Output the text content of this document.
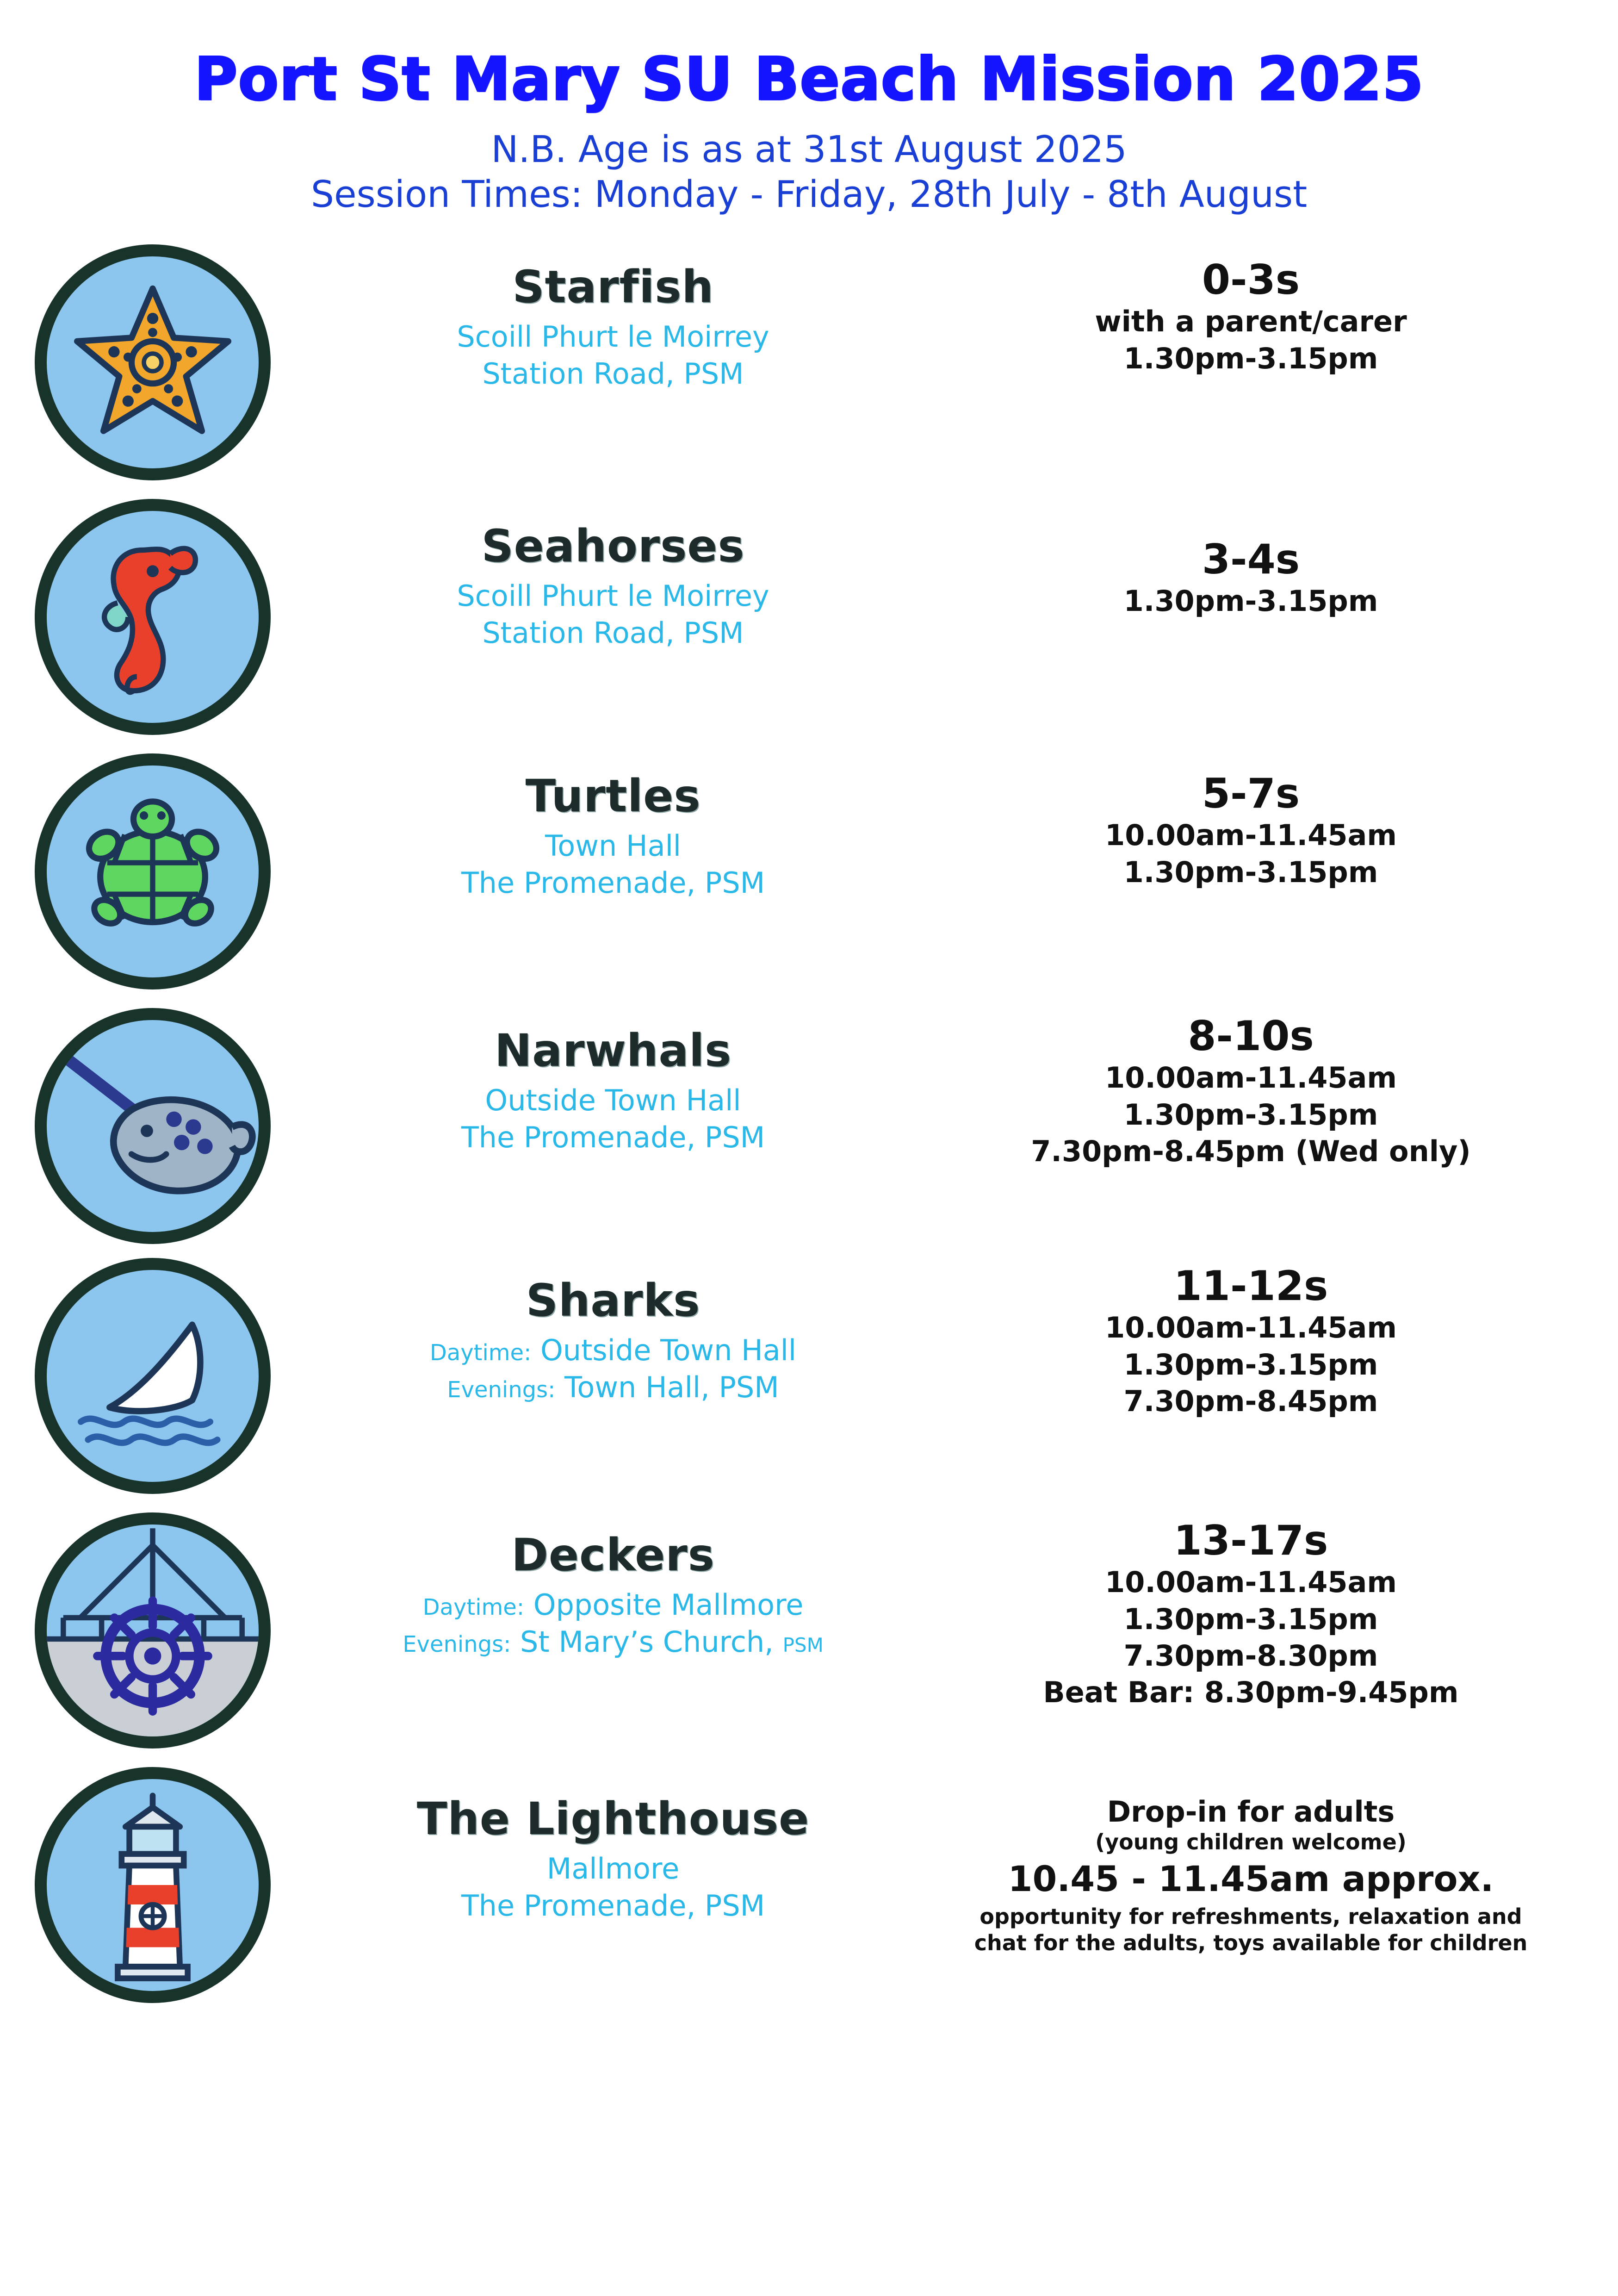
Port St Mary SU Beach Mission 2025
N.B. Age is as at 31st August 2025
Session Times: Monday - Friday, 28th July - 8th August
Starfish
Scoill Phurt le Moirrey
Station Road, PSM
0-3s
with a parent/carer
1.30pm-3.15pm
Seahorses
Scoill Phurt le Moirrey
Station Road, PSM
3-4s
1.30pm-3.15pm
Turtles
Town Hall
The Promenade, PSM
5-7s
10.00am-11.45am
1.30pm-3.15pm
Narwhals
Outside Town Hall
The Promenade, PSM
8-10s
10.00am-11.45am
1.30pm-3.15pm
7.30pm-8.45pm (Wed only)
Sharks
Daytime: Outside Town Hall
Evenings: Town Hall, PSM
11-12s
10.00am-11.45am
1.30pm-3.15pm
7.30pm-8.45pm
Deckers
Daytime: Opposite Mallmore
Evenings: St Mary’s Church, PSM
13-17s
10.00am-11.45am
1.30pm-3.15pm
7.30pm-8.30pm
Beat Bar: 8.30pm-9.45pm
The Lighthouse
Mallmore
The Promenade, PSM
Drop-in for adults
(young children welcome)
10.45 - 11.45am approx.
opportunity for refreshments, relaxation and
chat for the adults, toys available for children
